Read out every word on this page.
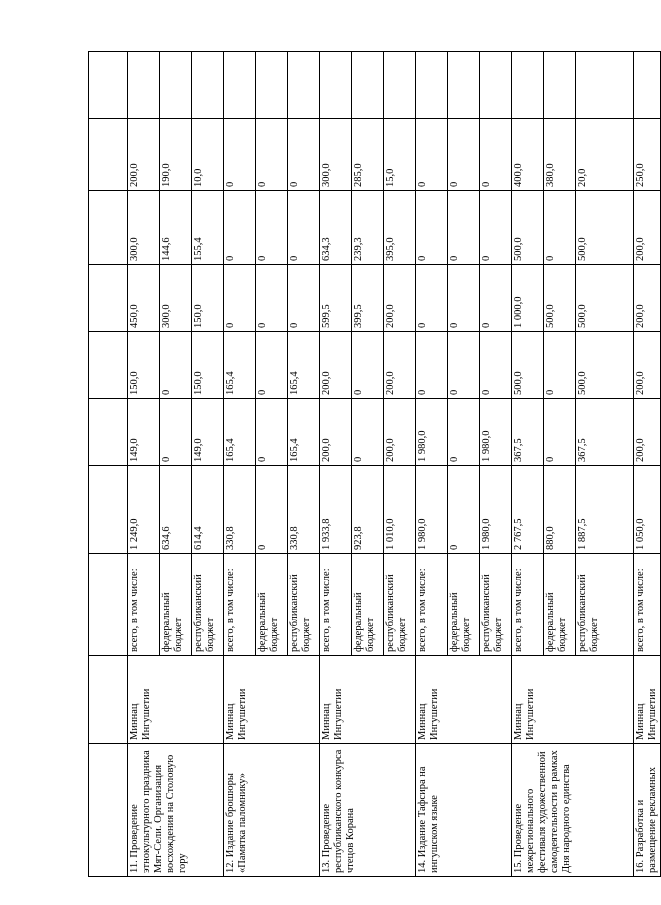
11. Проведение этнокультурного праздника Мят-Сели. Организация восхождения на Столовую гору	Миннац Ингушетии	всего, в том числе:	1 249,0	149,0	150,0	450,0	300,0	200,0	
		федеральный бюджет	634,6	0	0	300,0	144,6	190,0	
		республиканский бюджет	614,4	149,0	150,0	150,0	155,4	10,0	
12. Издание брошюры «Памятка паломнику»	Миннац Ингушетии	всего, в том числе:	330,8	165,4	165,4	0	0	0	
		федеральный бюджет	0	0	0	0	0	0	
		республиканский бюджет	330,8	165,4	165,4	0	0	0	
13. Проведение республиканского конкурса чтецов Корана	Миннац Ингушетии	всего, в том числе:	1 933,8	200,0	200,0	599,5	634,3	300,0	
		федеральный бюджет	923,8	0	0	399,5	239,3	285,0	
		республиканский бюджет	1 010,0	200,0	200,0	200,0	395,0	15,0	
14. Издание Тафсира на ингушском языке	Миннац Ингушетии	всего, в том числе:	1 980,0	1 980,0	0	0	0	0	
		федеральный бюджет	0	0	0	0	0	0	
		республиканский бюджет	1 980,0	1 980,0	0	0	0	0	
15. Проведение межрегионального фестиваля художественной самодеятельности в рамках Дня народного единства	Миннац Ингушетии	всего, в том числе:	2 767,5	367,5	500,0	1 000,0	500,0	400,0	
		федеральный бюджет	880,0	0	0	500,0	0	380,0	
		республиканский бюджет	1 887,5	367,5	500,0	500,0	500,0	20,0	
16. Разработка и размещение рекламных	Миннац Ингушетии	всего, в том числе:	1 050,0	200,0	200,0	200,0	200,0	250,0	
